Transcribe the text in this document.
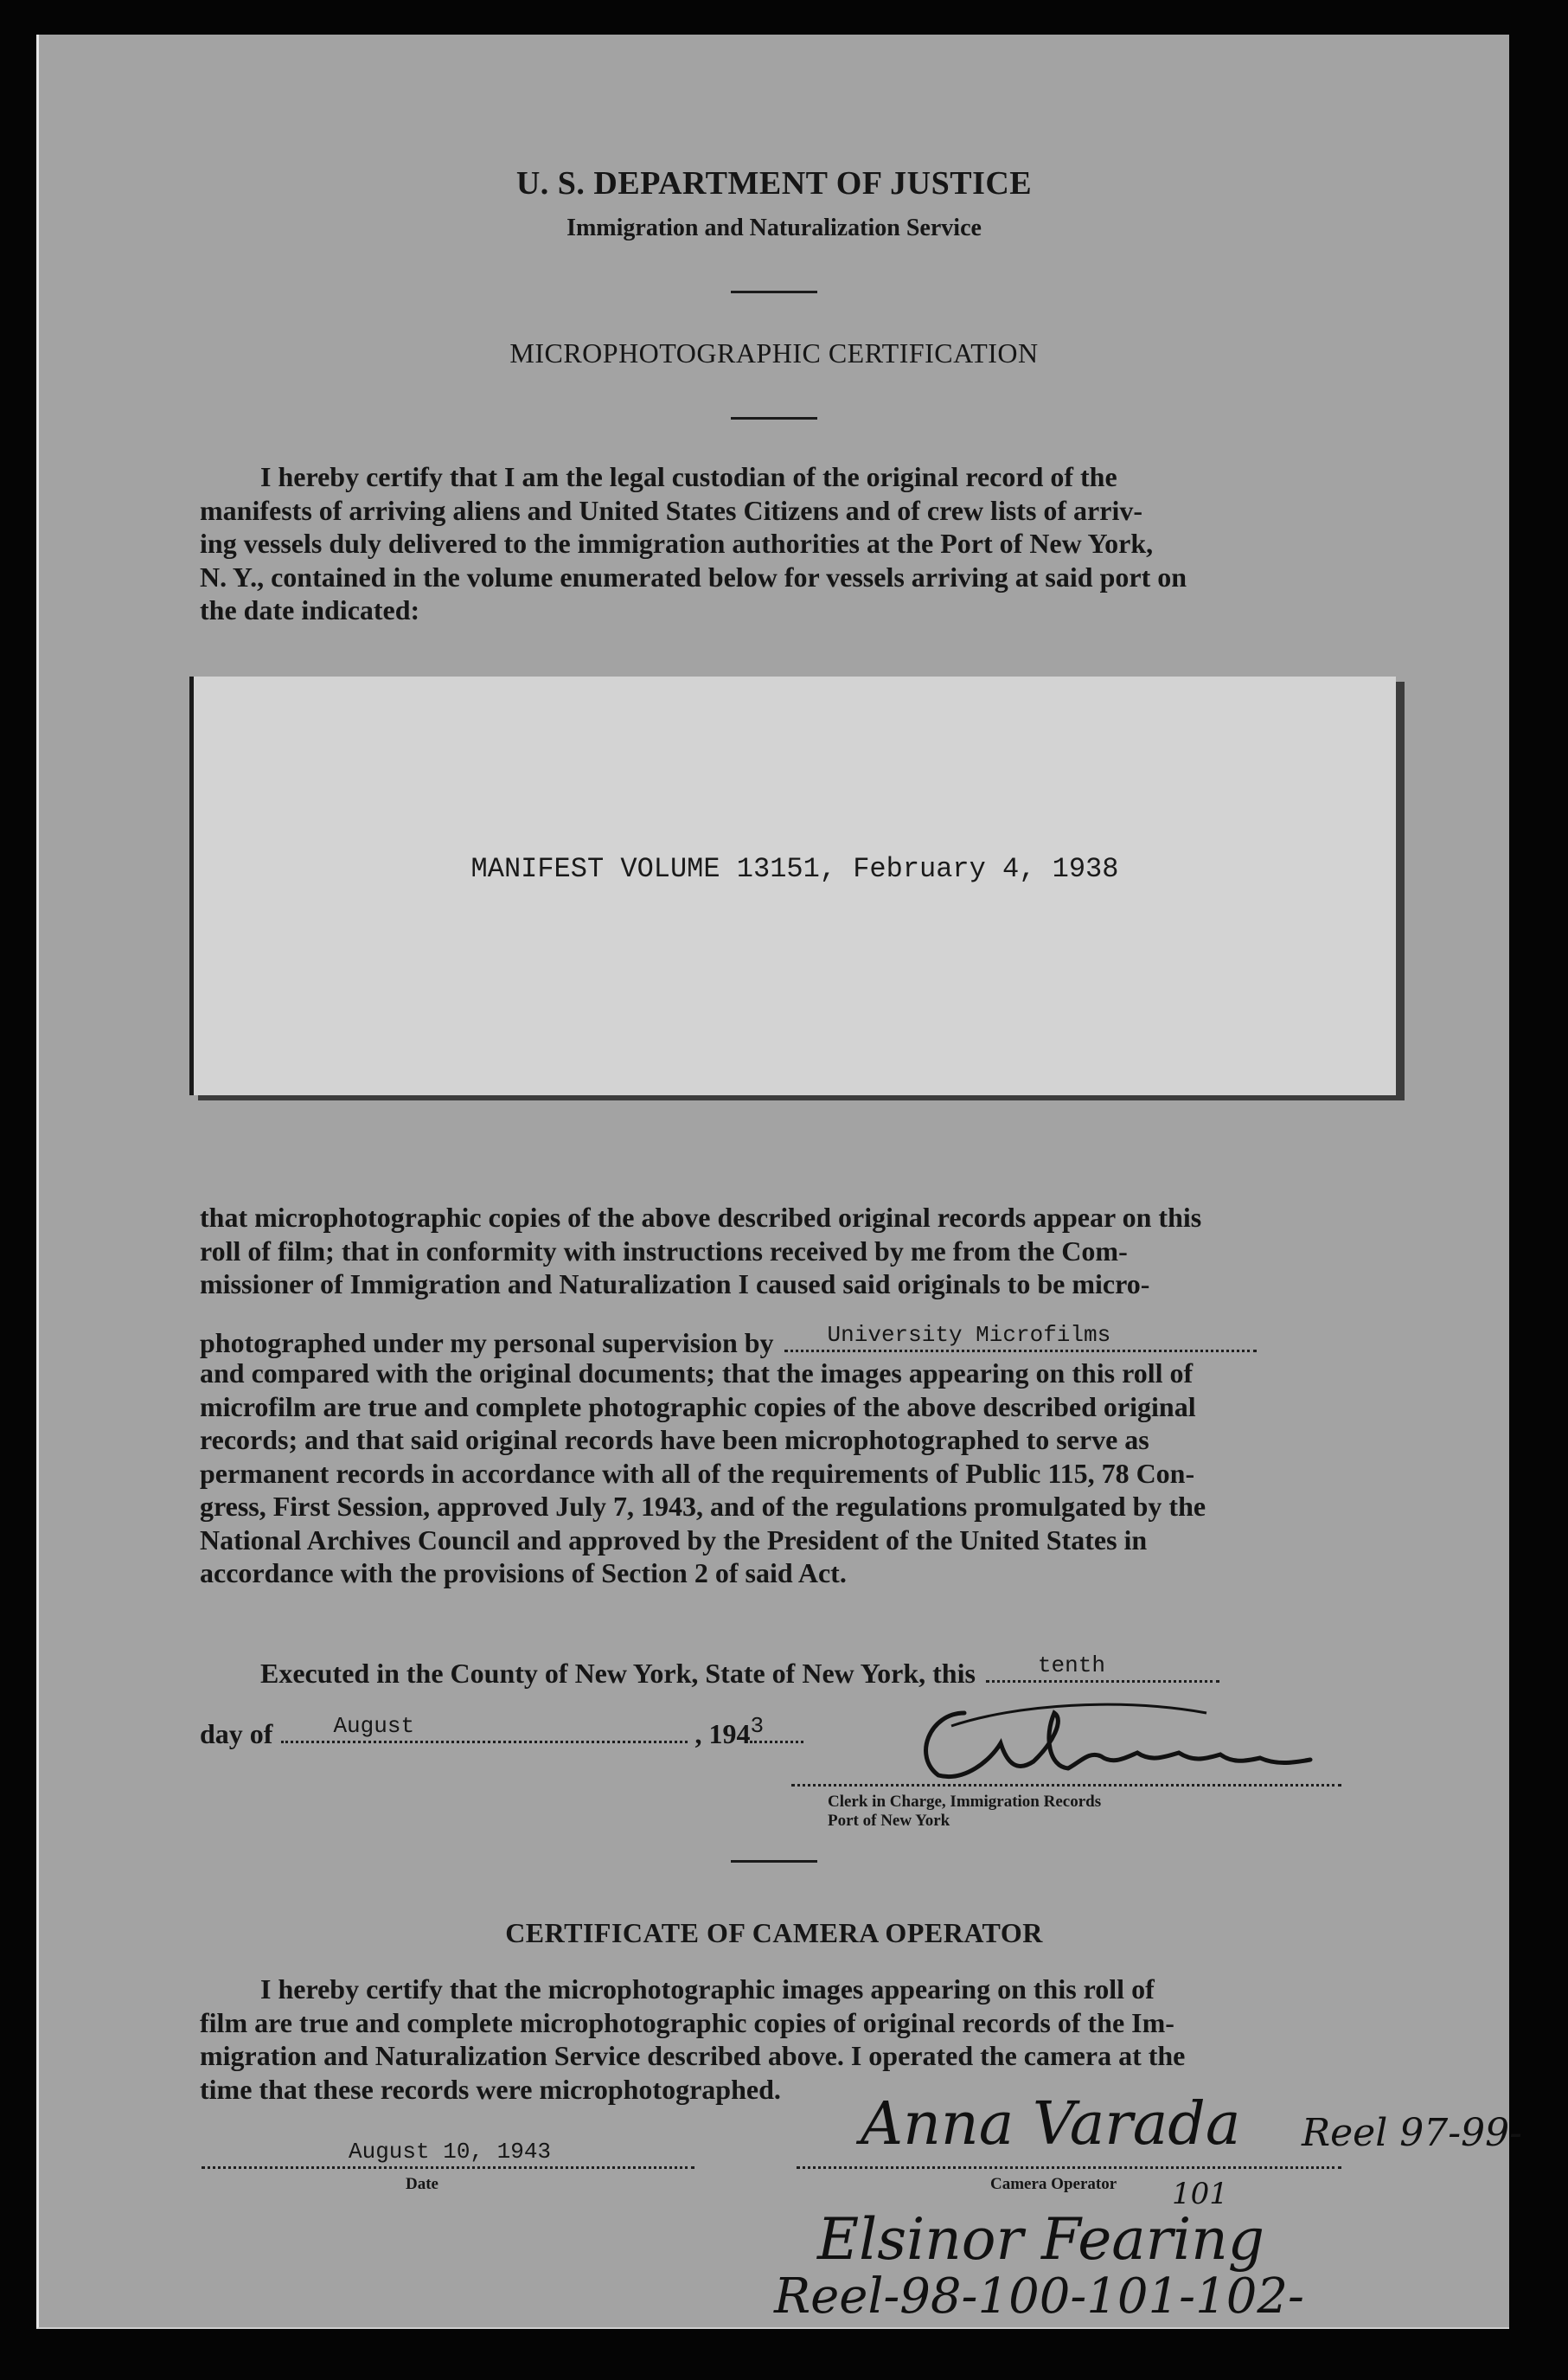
U. S. DEPARTMENT OF JUSTICE
Immigration and Naturalization Service
MICROPHOTOGRAPHIC CERTIFICATION
I hereby certify that I am the legal custodian of the original record of the
manifests of arriving aliens and United States Citizens and of crew lists of arriv-
ing vessels duly delivered to the immigration authorities at the Port of New York,
N. Y., contained in the volume enumerated below for vessels arriving at said port on
the date indicated:
MANIFEST VOLUME 13151, February 4, 1938
that microphotographic copies of the above described original records appear on this
roll of film; that in conformity with instructions received by me from the Com-
missioner of Immigration and Naturalization I caused said originals to be micro-
photographed under my personal supervision by University Microfilms
and compared with the original documents; that the images appearing on this roll of
microfilm are true and complete photographic copies of the above described original
records; and that said original records have been microphotographed to serve as
permanent records in accordance with all of the requirements of Public 115, 78 Con-
gress, First Session, approved July 7, 1943, and of the regulations promulgated by the
National Archives Council and approved by the President of the United States in
accordance with the provisions of Section 2 of said Act.
Executed in the County of New York, State of New York, this	tenth
day of	August	, 194 3
Clerk in Charge, Immigration Records
Port of New York
CERTIFICATE OF CAMERA OPERATOR
I hereby certify that the microphotographic images appearing on this roll of
film are true and complete microphotographic copies of original records of the Im-
migration and Naturalization Service described above. I operated the camera at the
time that these records were microphotographed.
August 10, 1943
Date	Camera Operator
Anna Varada Reel 97-99-
101
Elsinor Fearing
Reel-98-100-101-102-
